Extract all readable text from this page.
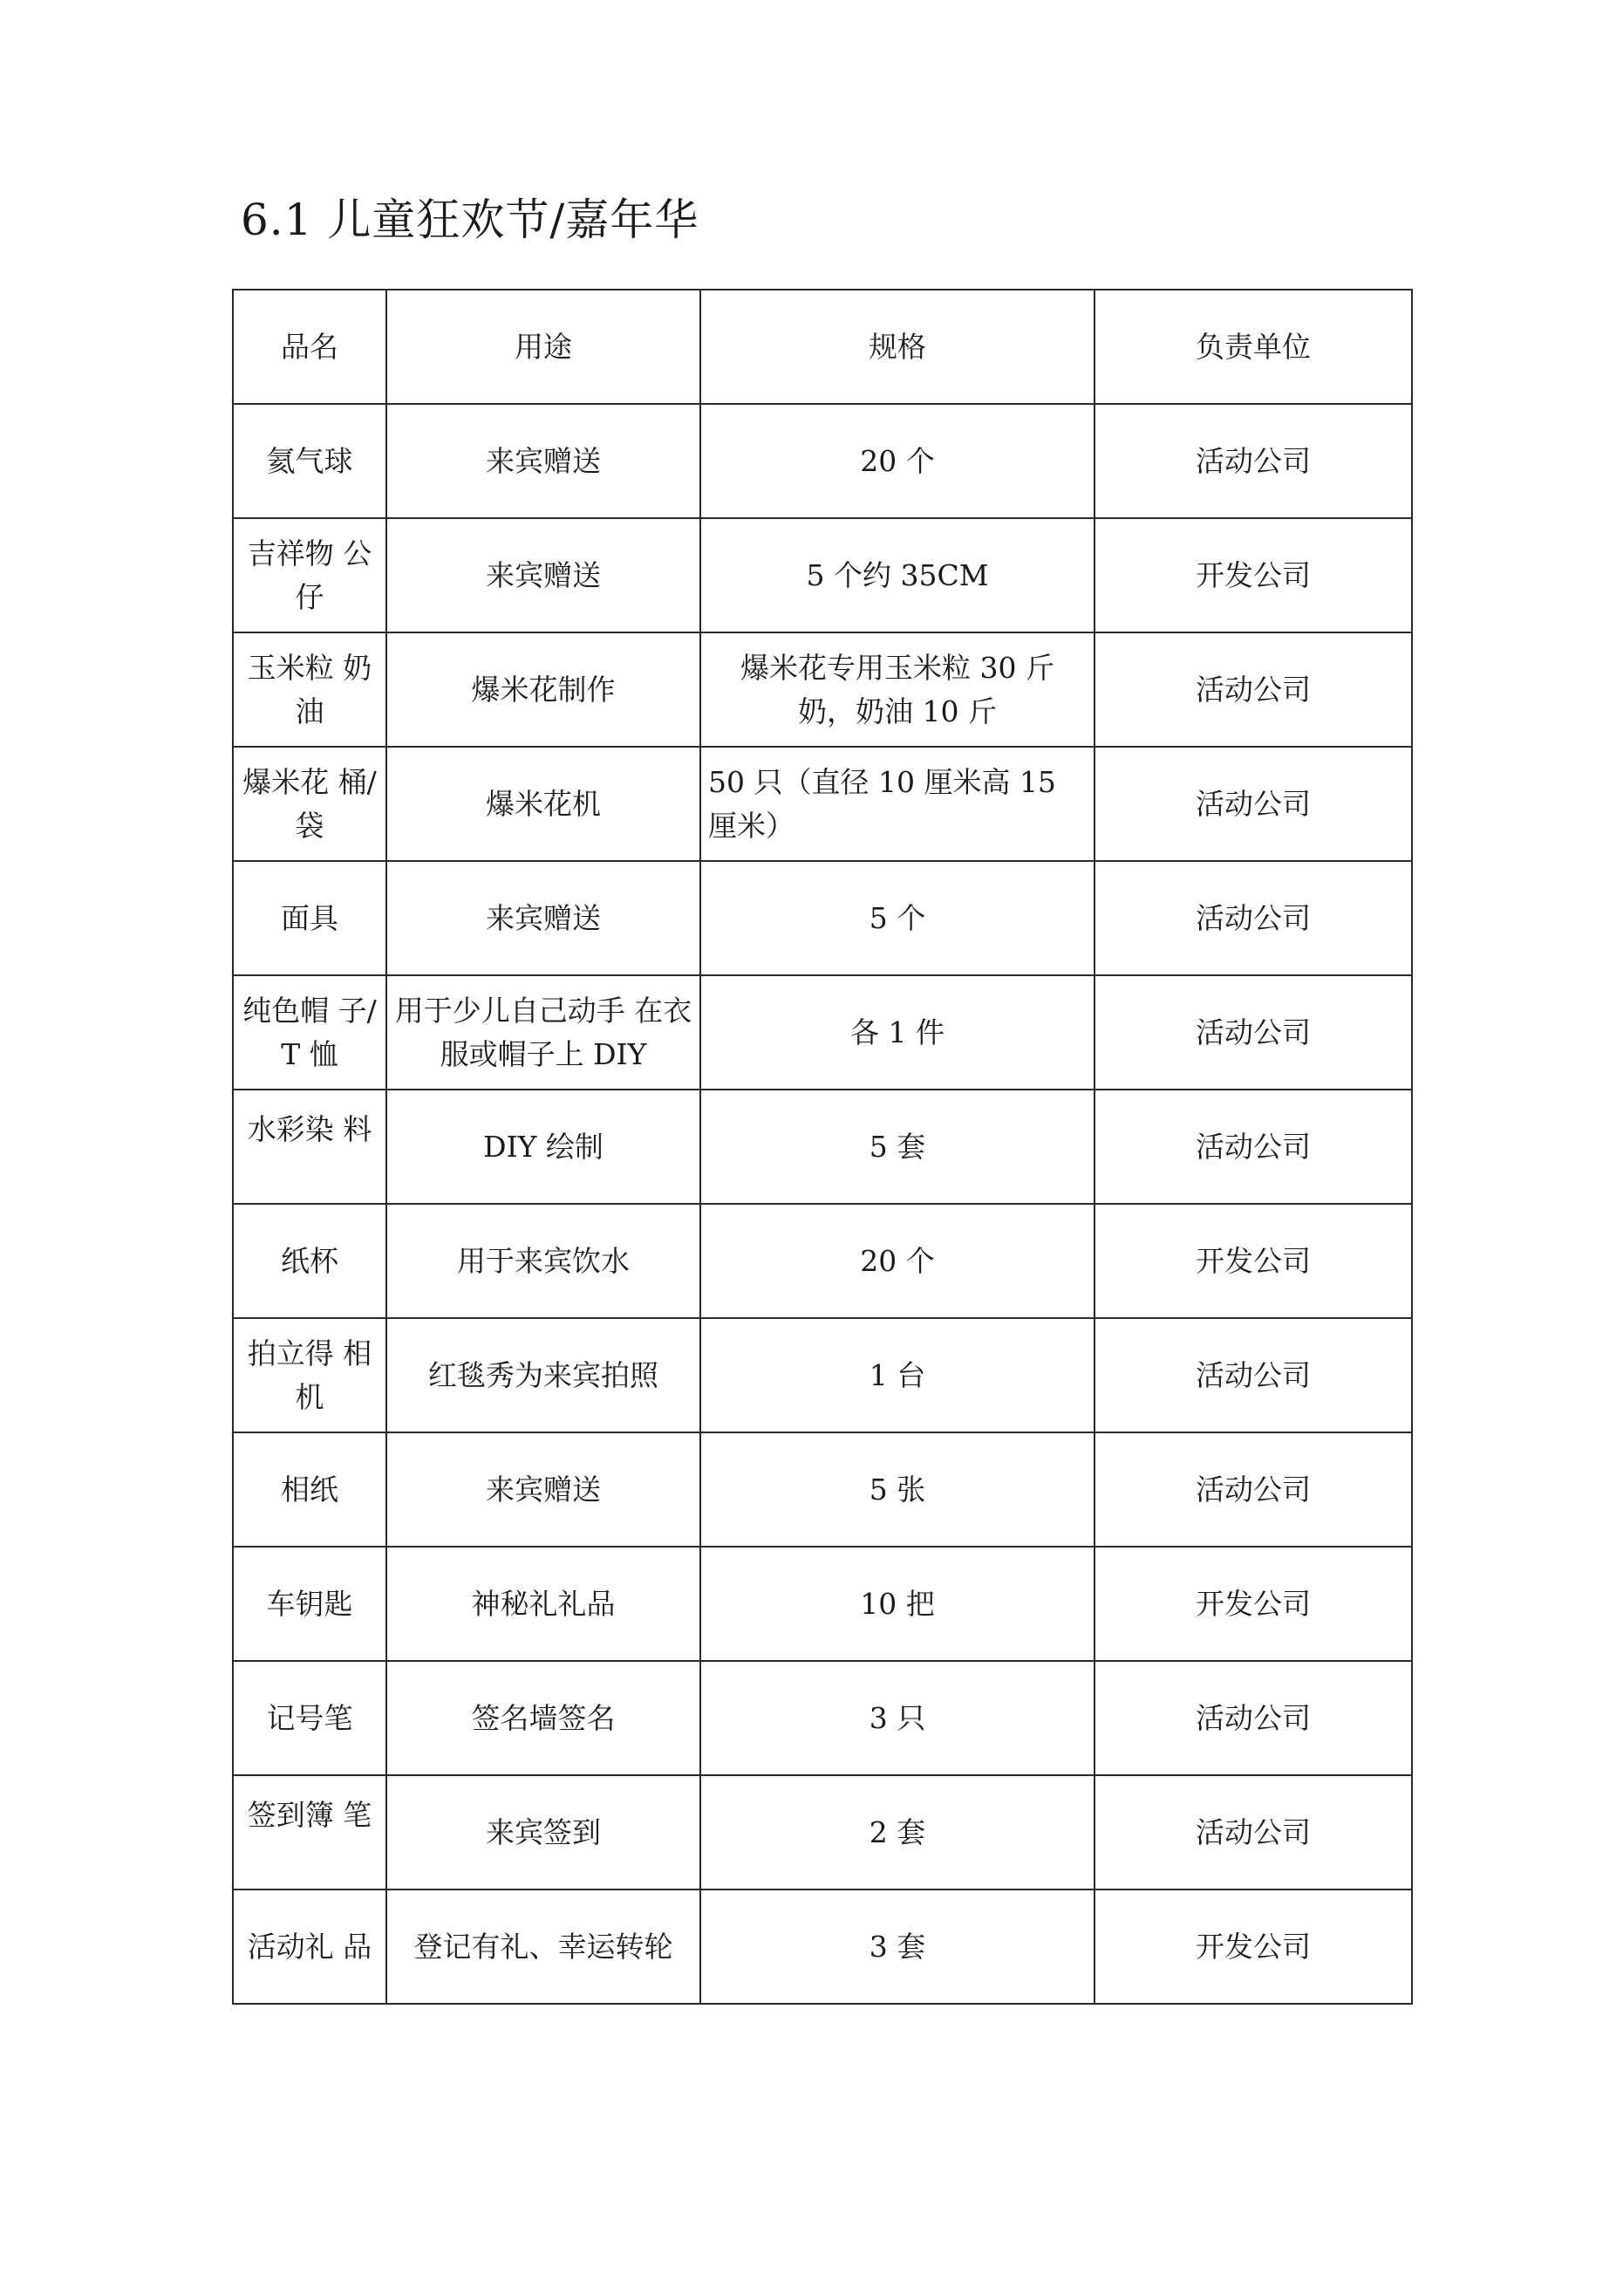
6.1 儿童狂欢节/嘉年华
品名	用途	规格	负责单位
氦气球	来宾赠送	20 个	活动公司
吉祥物 公仔	来宾赠送	5 个约 35CM	开发公司
玉米粒 奶油	爆米花制作	爆米花专用玉米粒 30 斤 奶，奶油 10 斤	活动公司
爆米花 桶/袋	爆米花机	50 只（直径 10 厘米高 15 厘米）	活动公司
面具	来宾赠送	5 个	活动公司
纯色帽 子/T 恤	用于少儿自己动手 在衣服或帽子上 DIY	各 1 件	活动公司
水彩染 料	DIY 绘制	5 套	活动公司
纸杯	用于来宾饮水	20 个	开发公司
拍立得 相机	红毯秀为来宾拍照	1 台	活动公司
相纸	来宾赠送	5 张	活动公司
车钥匙	神秘礼礼品	10 把	开发公司
记号笔	签名墙签名	3 只	活动公司
签到簿 笔	来宾签到	2 套	活动公司
活动礼 品	登记有礼、幸运转轮	3 套	开发公司
